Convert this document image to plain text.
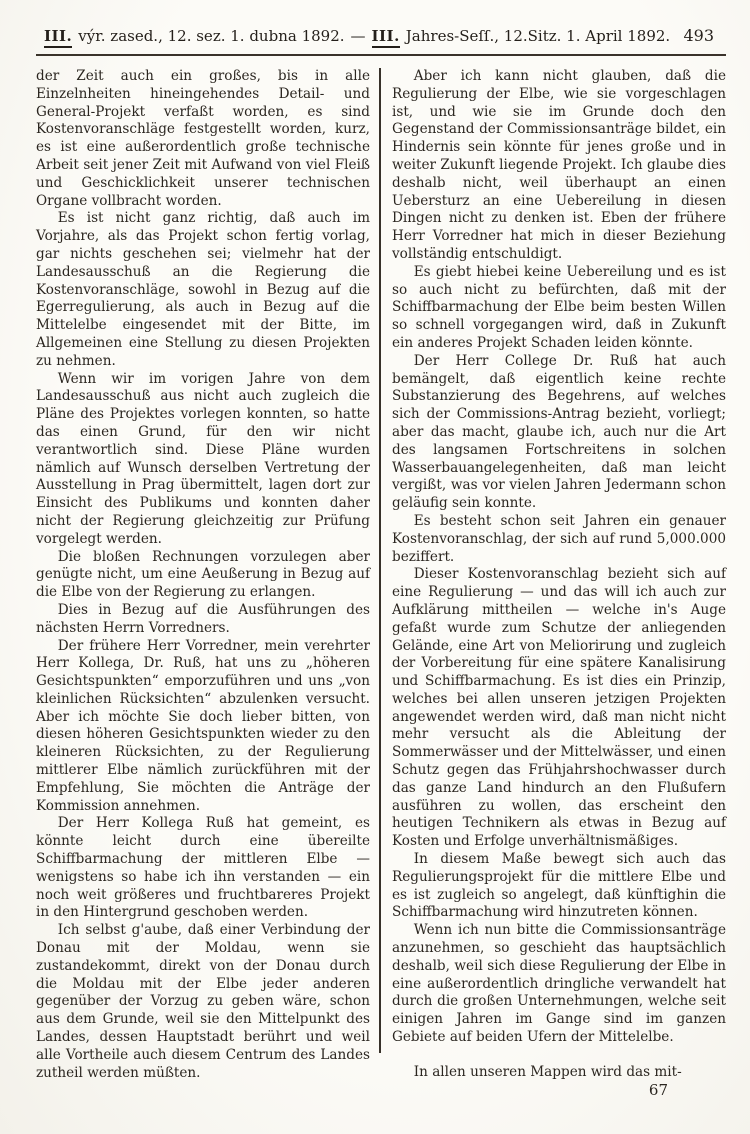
III. výr. zased., 12. sez. 1. dubna 1892. — III. Jahres-Seſſ., 12.Sitz. 1. April 1892. 493

der Zeit auch ein großes, bis in alle Einzelnheiten hineingehendes Detail- und General-Projekt verfaßt worden, es sind Kostenvoranschläge festgestellt worden, kurz, es ist eine außerordentlich große technische Arbeit seit jener Zeit mit Aufwand von viel Fleiß und Geschicklichkeit unserer technischen Organe vollbracht worden.

Es ist nicht ganz richtig, daß auch im Vorjahre, als das Projekt schon fertig vorlag, gar nichts geschehen sei; vielmehr hat der Landesausschuß an die Regierung die Kostenvoranschläge, sowohl in Bezug auf die Egerregulierung, als auch in Bezug auf die Mittelelbe eingesendet mit der Bitte, im Allgemeinen eine Stellung zu diesen Projekten zu nehmen.

Wenn wir im vorigen Jahre von dem Landesausschuß aus nicht auch zugleich die Pläne des Projektes vorlegen konnten, so hatte das einen Grund, für den wir nicht verantwortlich sind. Diese Pläne wurden nämlich auf Wunsch derselben Vertretung der Ausstellung in Prag übermittelt, lagen dort zur Einsicht des Publikums und konnten daher nicht der Regierung gleichzeitig zur Prüfung vorgelegt werden.

Die bloßen Rechnungen vorzulegen aber genügte nicht, um eine Aeußerung in Bezug auf die Elbe von der Regierung zu erlangen.

Dies in Bezug auf die Ausführungen des nächsten Herrn Vorredners.

Der frühere Herr Vorredner, mein verehrter Herr Kollega, Dr. Ruß, hat uns zu „höheren Gesichtspunkten“ emporzuführen und uns „von kleinlichen Rücksichten“ abzulenken versucht. Aber ich möchte Sie doch lieber bitten, von diesen höheren Gesichtspunkten wieder zu den kleineren Rücksichten, zu der Regulierung mittlerer Elbe nämlich zurückführen mit der Empfehlung, Sie möchten die Anträge der Kommission annehmen.

Der Herr Kollega Ruß hat gemeint, es könnte leicht durch eine übereilte Schiffbarmachung der mittleren Elbe — wenigstens so habe ich ihn verstanden — ein noch weit größeres und fruchtbareres Projekt in den Hintergrund geschoben werden.

Ich selbst g'aube, daß einer Verbindung der Donau mit der Moldau, wenn sie zustandekommt, direkt von der Donau durch die Moldau mit der Elbe jeder anderen gegenüber der Vorzug zu geben wäre, schon aus dem Grunde, weil sie den Mittelpunkt des Landes, dessen Hauptstadt berührt und weil alle Vortheile auch diesem Centrum des Landes zutheil werden müßten.

Aber ich kann nicht glauben, daß die Regulierung der Elbe, wie sie vorgeschlagen ist, und wie sie im Grunde doch den Gegenstand der Commissionsanträge bildet, ein Hindernis sein könnte für jenes große und in weiter Zukunft liegende Projekt. Ich glaube dies deshalb nicht, weil überhaupt an einen Uebersturz an eine Uebereilung in diesen Dingen nicht zu denken ist. Eben der frühere Herr Vorredner hat mich in dieser Beziehung vollständig entschuldigt.

Es giebt hiebei keine Uebereilung und es ist so auch nicht zu befürchten, daß mit der Schiffbarmachung der Elbe beim besten Willen so schnell vorgegangen wird, daß in Zukunft ein anderes Projekt Schaden leiden könnte.

Der Herr College Dr. Ruß hat auch bemängelt, daß eigentlich keine rechte Substanzierung des Begehrens, auf welches sich der Commissions-Antrag bezieht, vorliegt; aber das macht, glaube ich, auch nur die Art des langsamen Fortschreitens in solchen Wasserbauangelegenheiten, daß man leicht vergißt, was vor vielen Jahren Jedermann schon geläufig sein konnte.

Es besteht schon seit Jahren ein genauer Kostenvoranschlag, der sich auf rund 5,000.000 beziffert.

Dieser Kostenvoranschlag bezieht sich auf eine Regulierung — und das will ich auch zur Aufklärung mittheilen — welche in's Auge gefaßt wurde zum Schutze der anliegenden Gelände, eine Art von Meliorirung und zugleich der Vorbereitung für eine spätere Kanalisirung und Schiffbarmachung. Es ist dies ein Prinzip, welches bei allen unseren jetzigen Projekten angewendet werden wird, daß man nicht nicht mehr versucht als die Ableitung der Sommerwässer und der Mittelwässer, und einen Schutz gegen das Frühjahrshochwasser durch das ganze Land hindurch an den Flußufern ausführen zu wollen, das erscheint den heutigen Technikern als etwas in Bezug auf Kosten und Erfolge unverhältnismäßiges.

In diesem Maße bewegt sich auch das Regulierungsprojekt für die mittlere Elbe und es ist zugleich so angelegt, daß künftighin die Schiffbarmachung wird hinzutreten können.

Wenn ich nun bitte die Commissionsanträge anzunehmen, so geschieht das hauptsächlich deshalb, weil sich diese Regulierung der Elbe in eine außerordentlich dringliche verwandelt hat durch die großen Unternehmungen, welche seit einigen Jahren im Gange sind im ganzen Gebiete auf beiden Ufern der Mittelelbe.

In allen unseren Mappen wird das mit-

67
